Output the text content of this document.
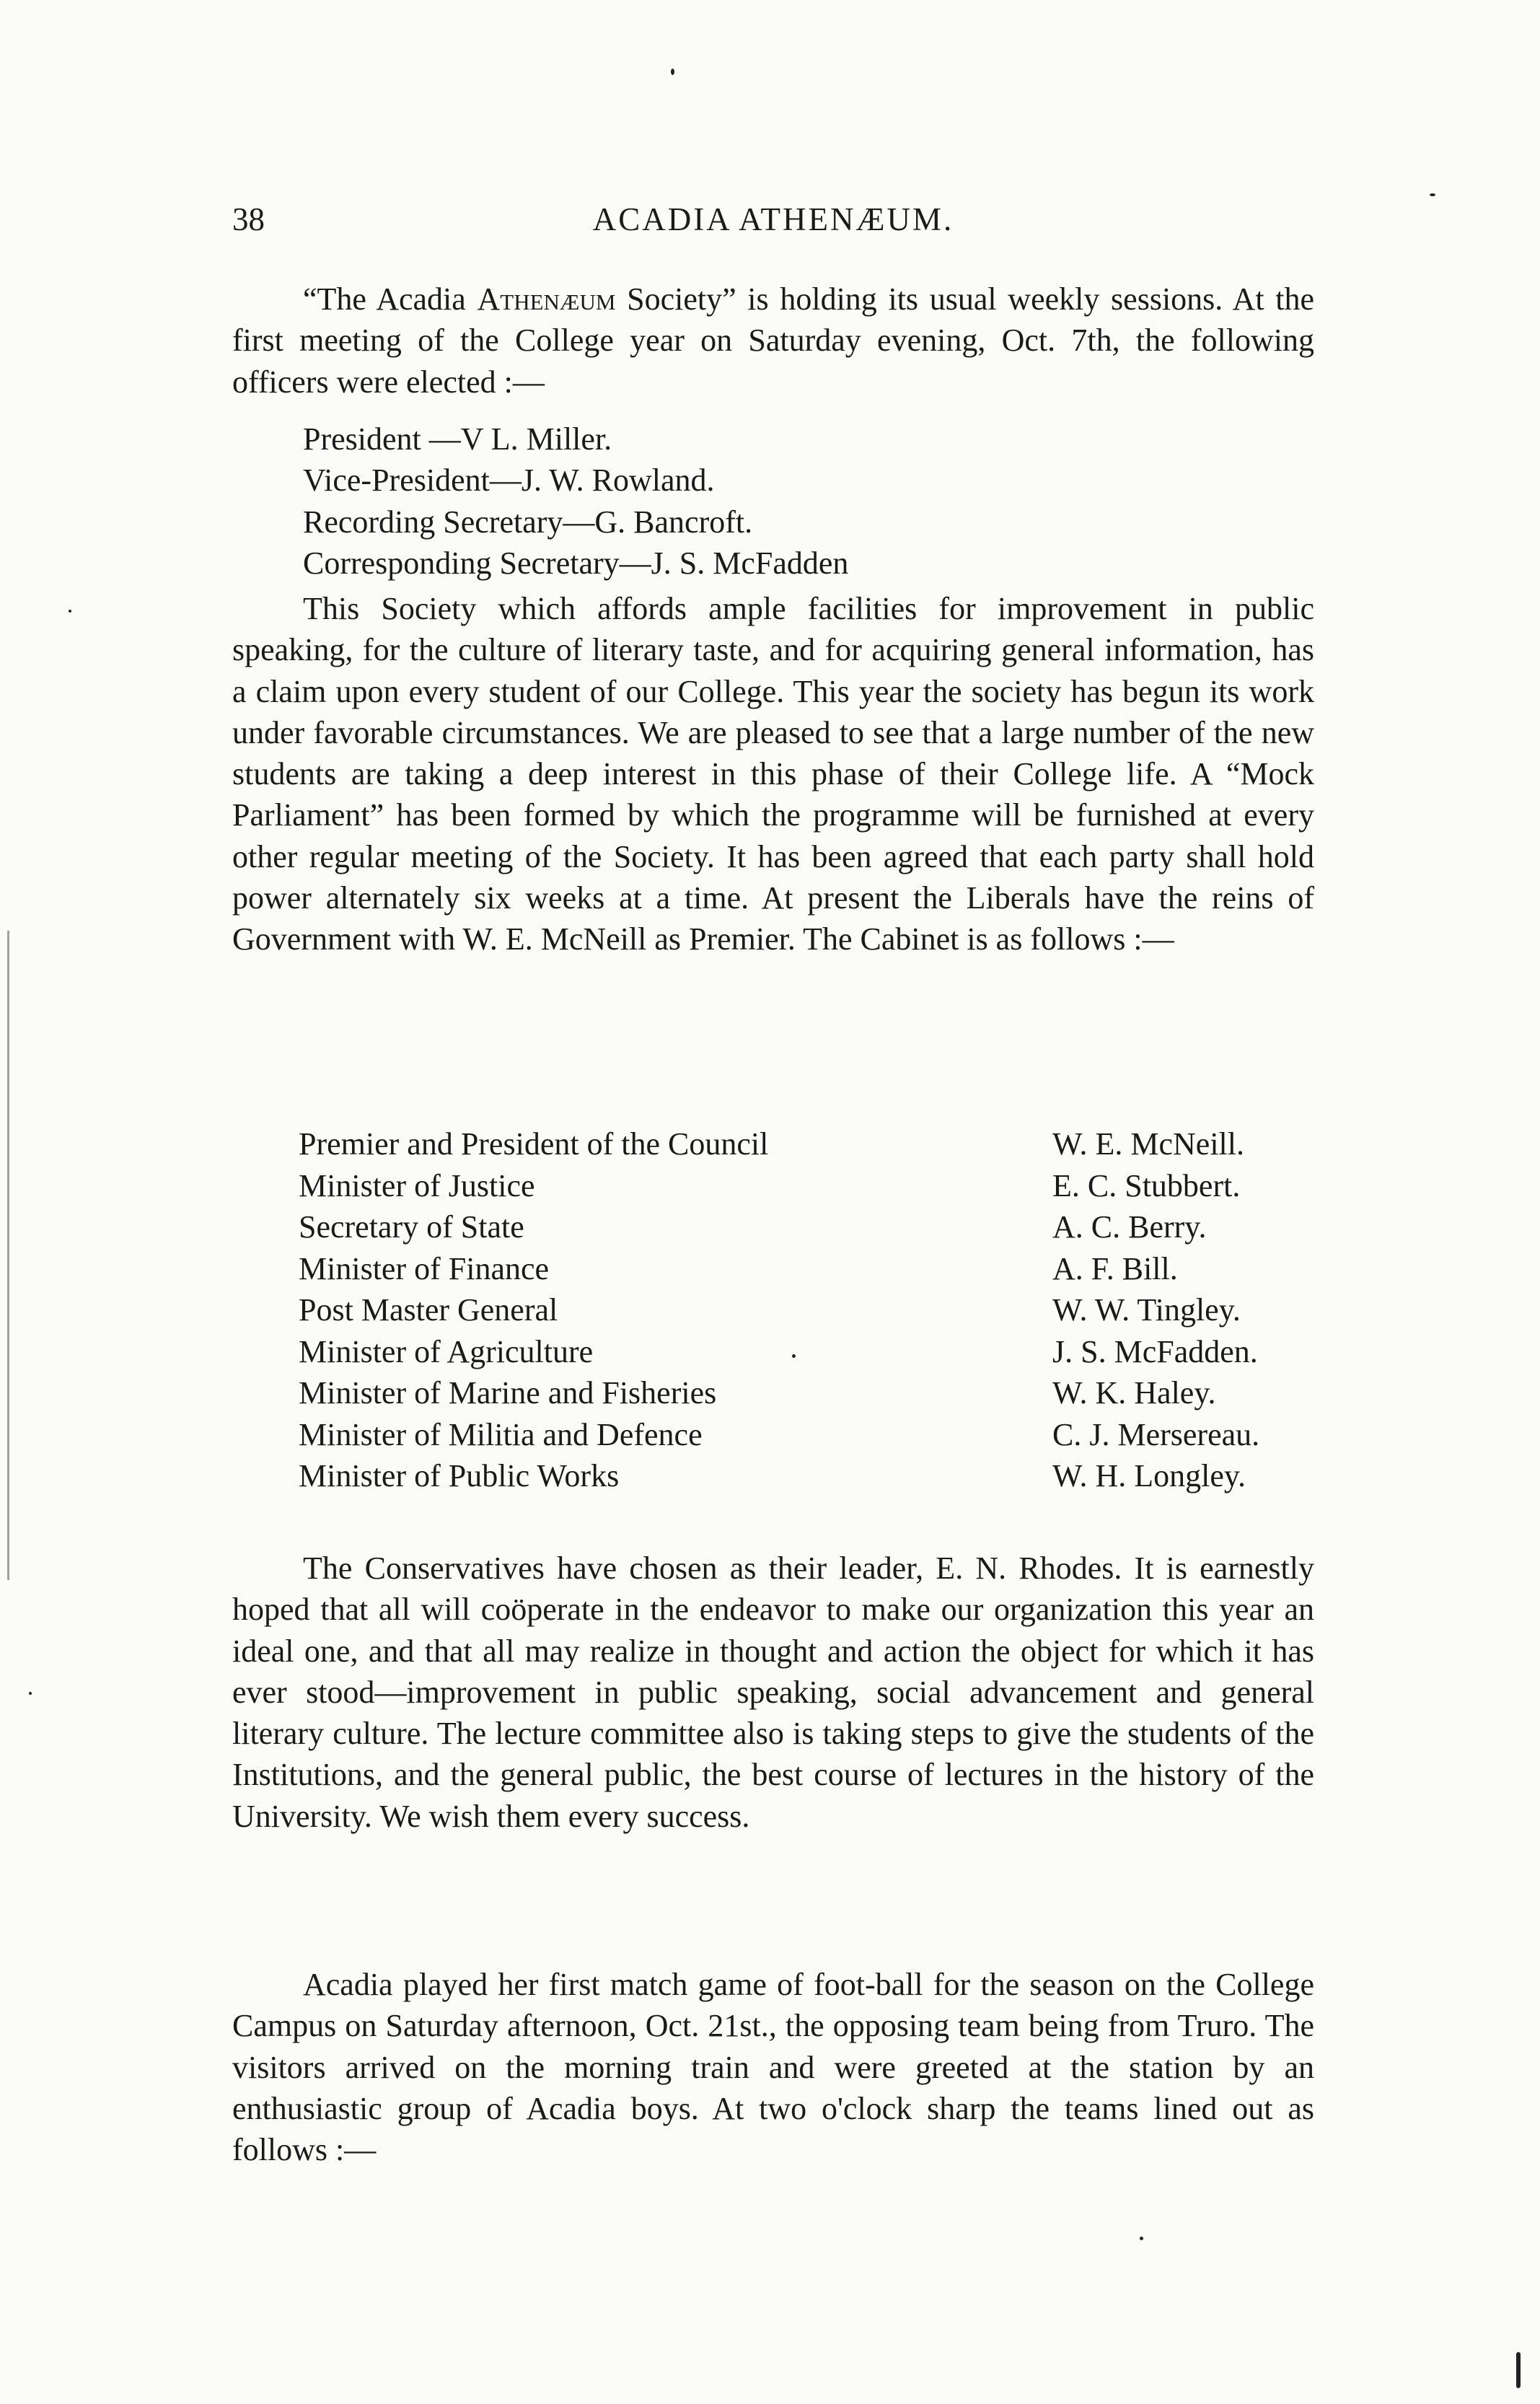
38	ACADIA ATHENÆUM.

“The Acadia Athenæum Society” is holding its usual weekly sessions. At the first meeting of the College year on Saturday evening, Oct. 7th, the following officers were elected :—

President —V L. Miller.
Vice-President—J. W. Rowland.
Recording Secretary—G. Bancroft.
Corresponding Secretary—J. S. McFadden

This Society which affords ample facilities for improvement in public speaking, for the culture of literary taste, and for acquiring general information, has a claim upon every student of our College. This year the society has begun its work under favorable circumstances. We are pleased to see that a large number of the new students are taking a deep interest in this phase of their College life. A “Mock Parliament” has been formed by which the programme will be furnished at every other regular meeting of the Society. It has been agreed that each party shall hold power alternately six weeks at a time. At present the Liberals have the reins of Government with W. E. McNeill as Premier. The Cabinet is as follows :—

Premier and President of the Council	W. E. McNeill.
Minister of Justice	E. C. Stubbert.
Secretary of State	A. C. Berry.
Minister of Finance	A. F. Bill.
Post Master General	W. W. Tingley.
Minister of Agriculture	J. S. McFadden.
Minister of Marine and Fisheries	W. K. Haley.
Minister of Militia and Defence	C. J. Mersereau.
Minister of Public Works	W. H. Longley.

The Conservatives have chosen as their leader, E. N. Rhodes. It is earnestly hoped that all will coöperate in the endeavor to make our organization this year an ideal one, and that all may realize in thought and action the object for which it has ever stood—improvement in public speaking, social advancement and general literary culture. The lecture committee also is taking steps to give the students of the Institutions, and the general public, the best course of lectures in the history of the University. We wish them every success.

Acadia played her first match game of foot-ball for the season on the College Campus on Saturday afternoon, Oct. 21st., the opposing team being from Truro. The visitors arrived on the morning train and were greeted at the station by an enthusiastic group of Acadia boys. At two o'clock sharp the teams lined out as follows :—
